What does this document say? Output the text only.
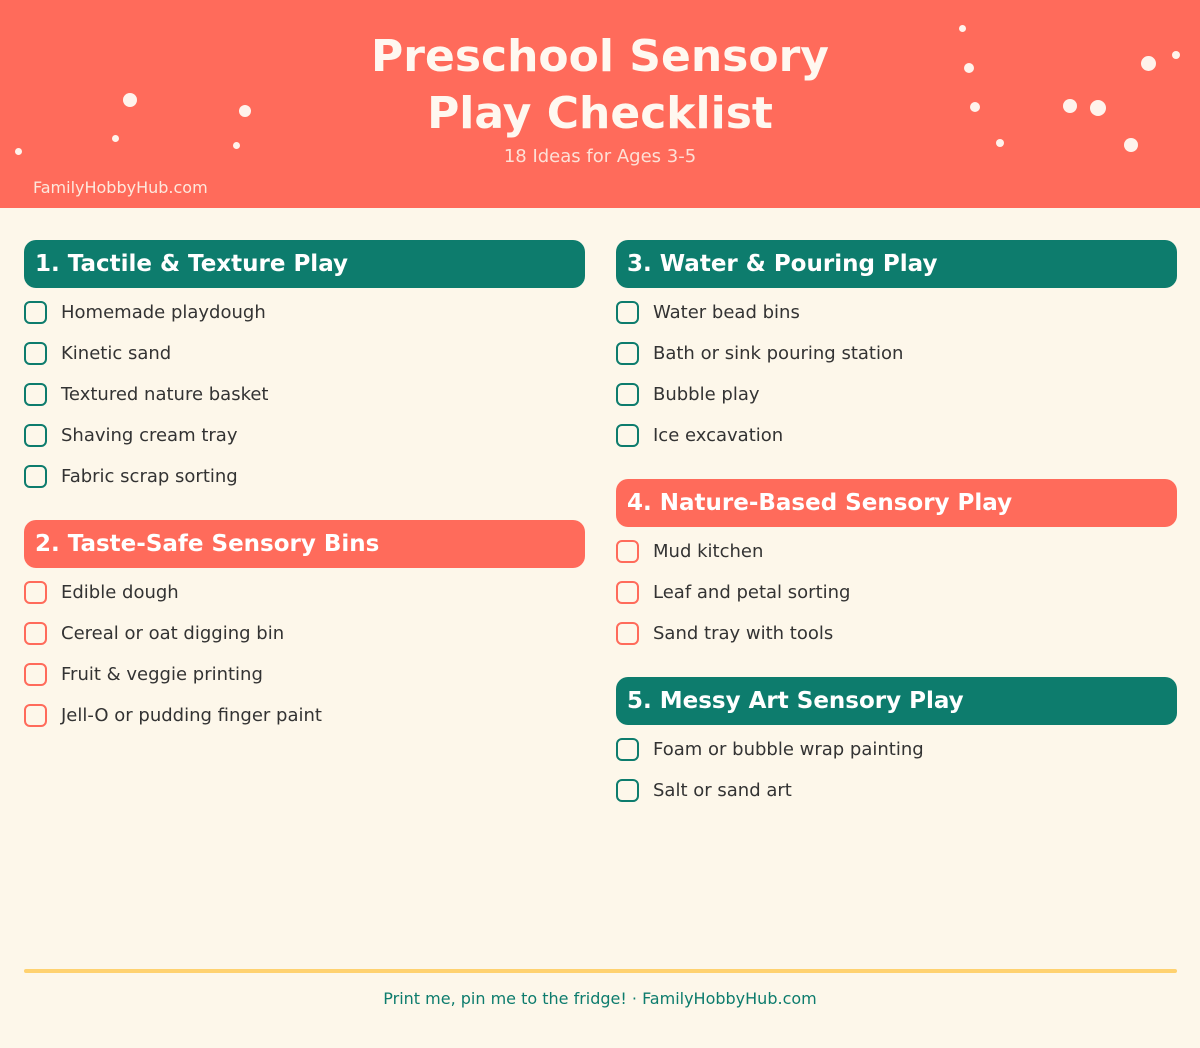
Preschool Sensory
Play Checklist
18 Ideas for Ages 3-5
FamilyHobbyHub.com
1. Tactile & Texture Play
Homemade playdough
Kinetic sand
Textured nature basket
Shaving cream tray
Fabric scrap sorting
2. Taste-Safe Sensory Bins
Edible dough
Cereal or oat digging bin
Fruit & veggie printing
Jell-O or pudding finger paint
3. Water & Pouring Play
Water bead bins
Bath or sink pouring station
Bubble play
Ice excavation
4. Nature-Based Sensory Play
Mud kitchen
Leaf and petal sorting
Sand tray with tools
5. Messy Art Sensory Play
Foam or bubble wrap painting
Salt or sand art
Print me, pin me to the fridge! · FamilyHobbyHub.com
